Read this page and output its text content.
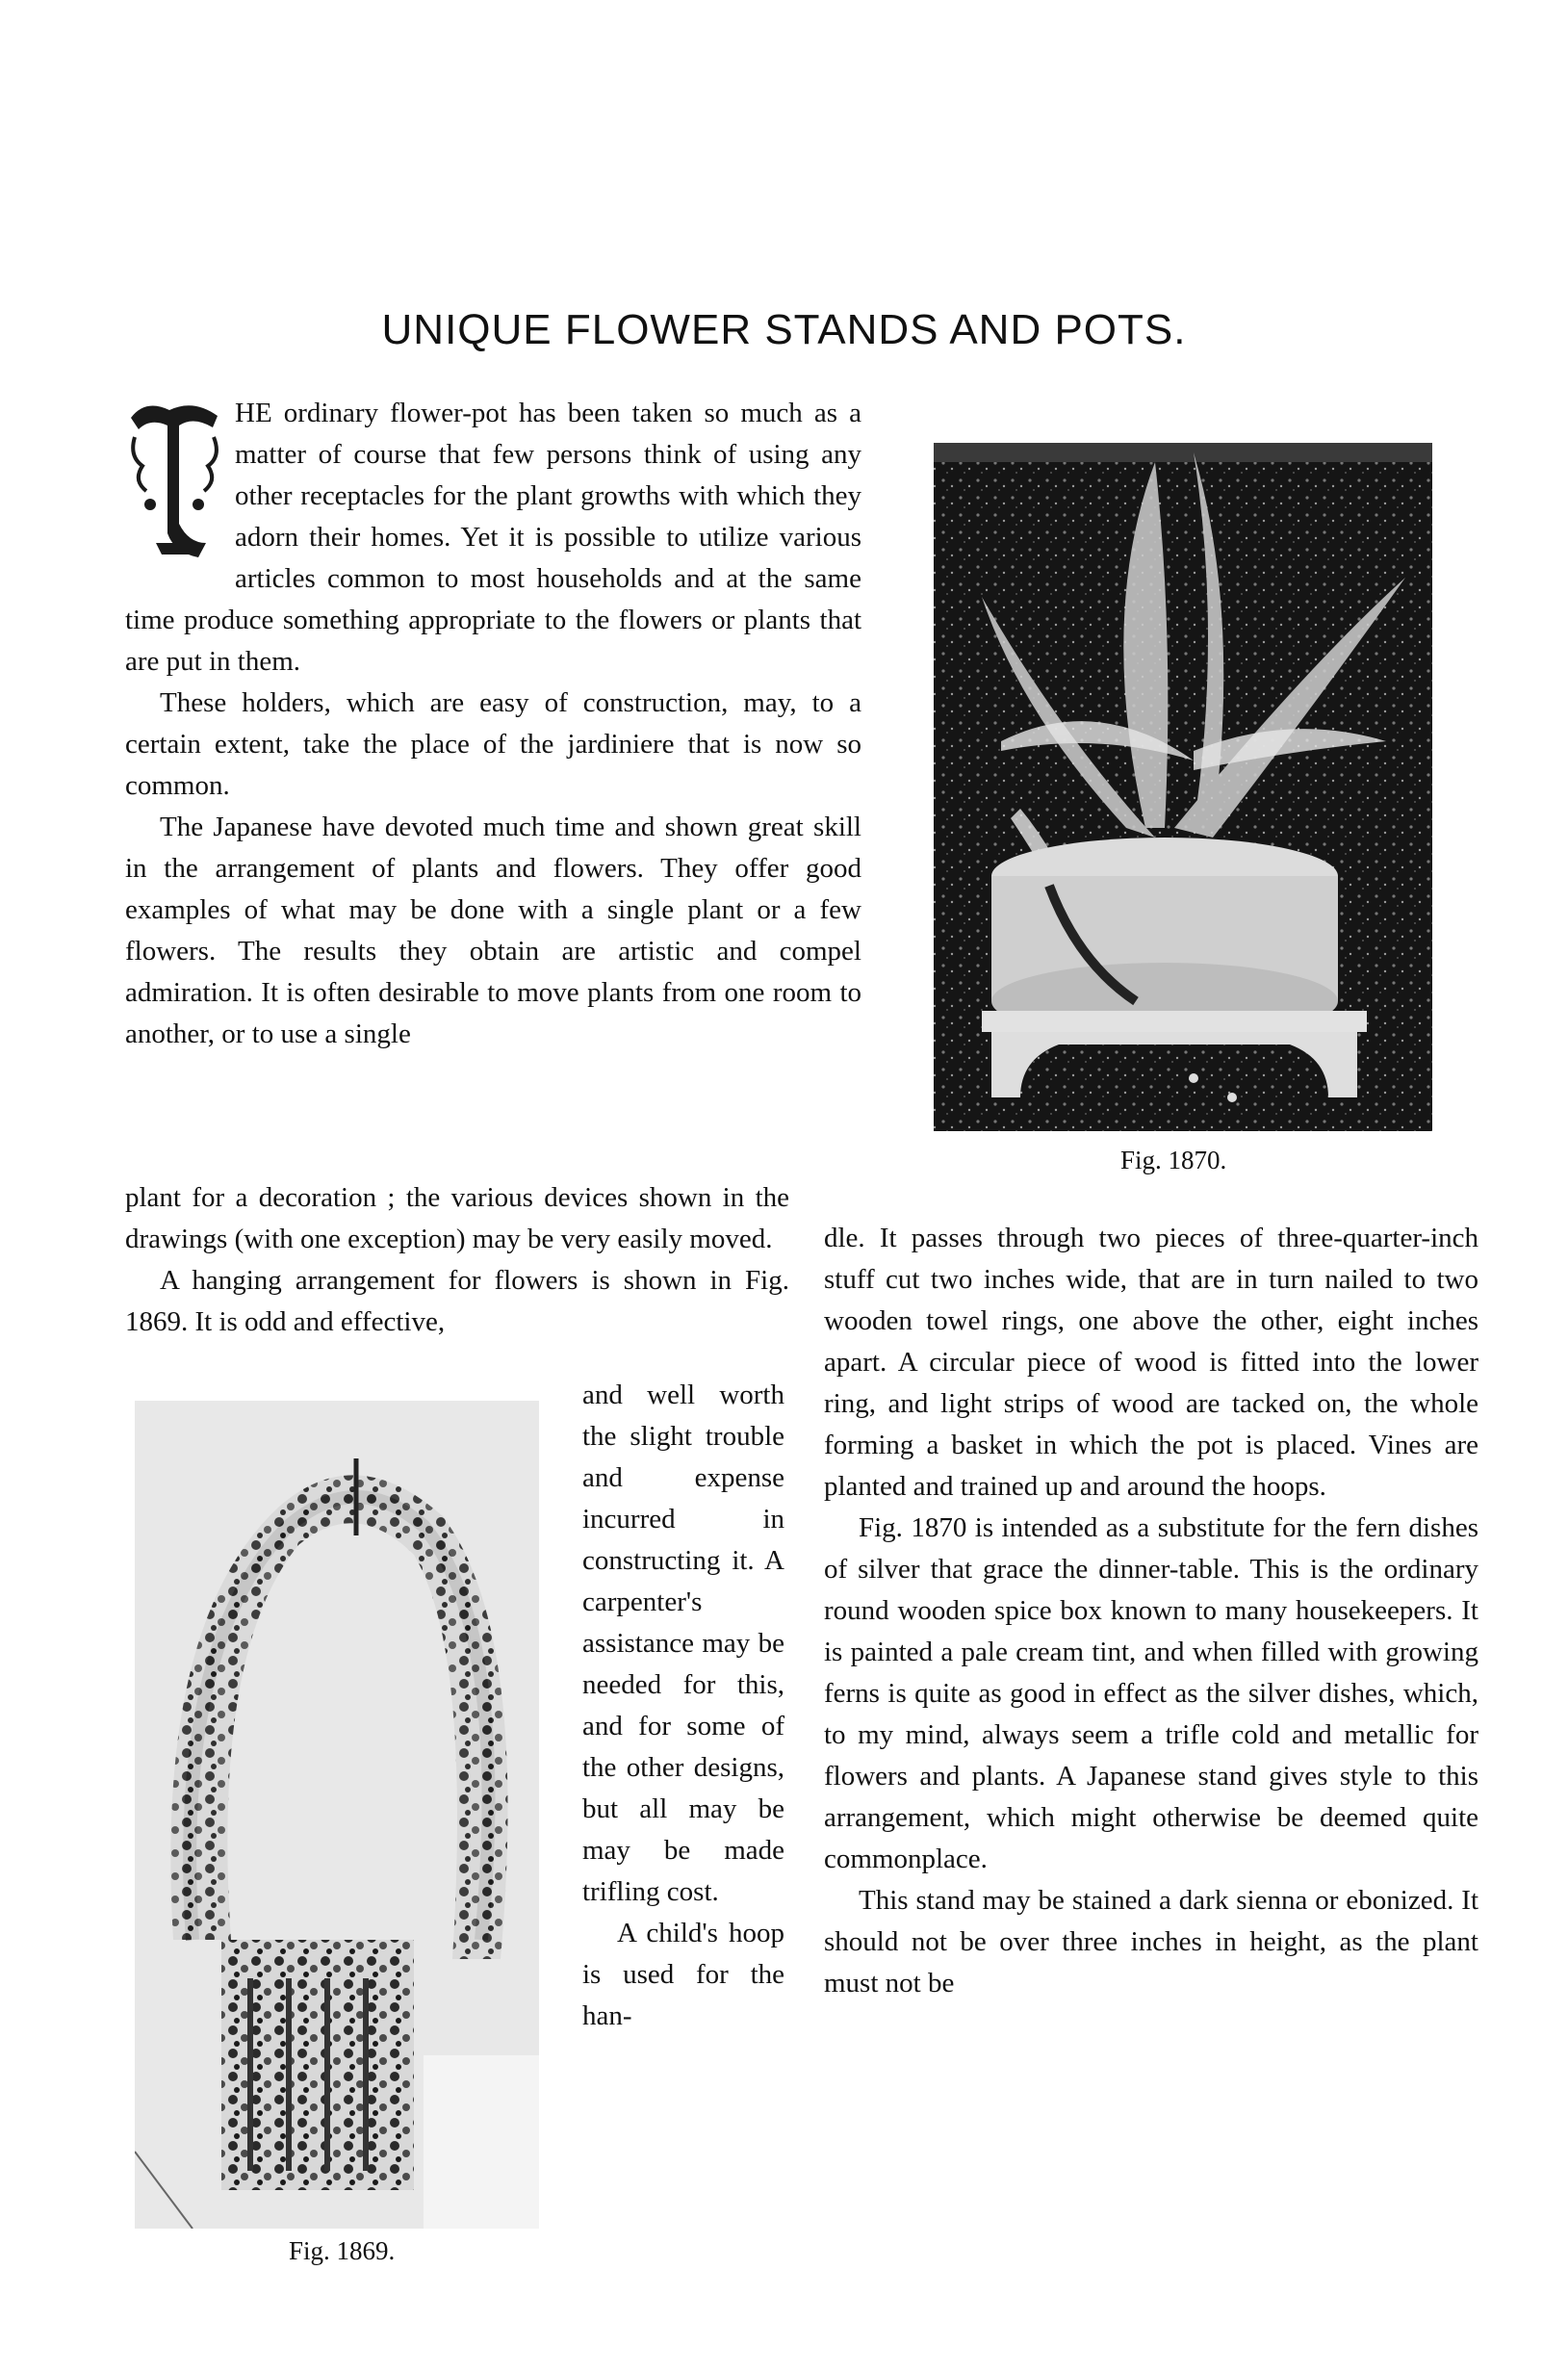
UNIQUE FLOWER STANDS AND POTS.

HE ordinary flower-pot has been taken so much as a matter of course that few persons think of using any other receptacles for the plant growths with which they adorn their homes. Yet it is possible to utilize various articles common to most households and at the same time produce something appropriate to the flowers or plants that are put in them.

These holders, which are easy of construction, may, to a certain extent, take the place of the jardiniere that is now so common.

The Japanese have devoted much time and shown great skill in the arrangement of plants and flowers. They offer good examples of what may be done with a single plant or a few flowers. The results they obtain are artistic and compel admiration. It is often desirable to move plants from one room to another, or to use a single

plant for a decoration ; the various devices shown in the drawings (with one exception) may be very easily moved.

A hanging arrangement for flowers is shown in Fig. 1869. It is odd and effective,

Fig. 1869.

and well worth the slight trouble and expense incurred in constructing it. A carpenter's assistance may be needed for this, and for some of the other designs, but all may be may be made trifling cost.

A child's hoop is used for the han-

Fig. 1870.

dle. It passes through two pieces of three-quarter-inch stuff cut two inches wide, that are in turn nailed to two wooden towel rings, one above the other, eight inches apart. A circular piece of wood is fitted into the lower ring, and light strips of wood are tacked on, the whole forming a basket in which the pot is placed. Vines are planted and trained up and around the hoops.

Fig. 1870 is intended as a substitute for the fern dishes of silver that grace the dinner-table. This is the ordinary round wooden spice box known to many housekeepers. It is painted a pale cream tint, and when filled with growing ferns is quite as good in effect as the silver dishes, which, to my mind, always seem a trifle cold and metallic for flowers and plants. A Japanese stand gives style to this arrangement, which might otherwise be deemed quite commonplace.

This stand may be stained a dark sienna or ebonized. It should not be over three inches in height, as the plant must not be
